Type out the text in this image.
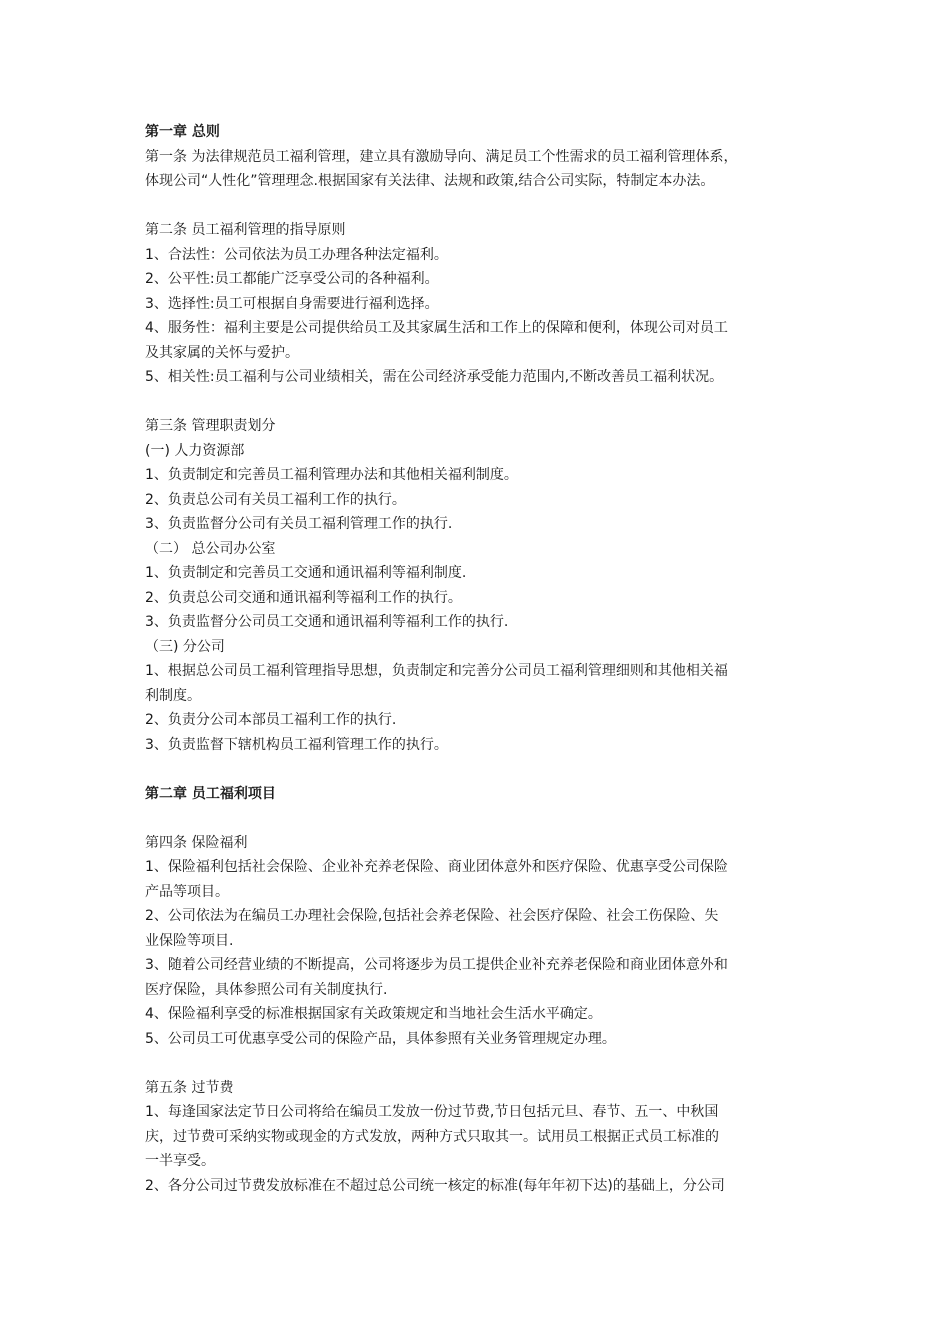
第一章 总则
第一条 为法律规范员工福利管理，建立具有激励导向、满足员工个性需求的员工福利管理体系，
体现公司“人性化”管理理念.根据国家有关法律、法规和政策,结合公司实际，特制定本办法。
第二条 员工福利管理的指导原则
1、合法性：公司依法为员工办理各种法定福利。
2、公平性:员工都能广泛享受公司的各种福利。
3、选择性:员工可根据自身需要进行福利选择。
4、服务性：福利主要是公司提供给员工及其家属生活和工作上的保障和便利，体现公司对员工
及其家属的关怀与爱护。
5、相关性:员工福利与公司业绩相关，需在公司经济承受能力范围内,不断改善员工福利状况。
第三条 管理职责划分
(一) 人力资源部
1、负责制定和完善员工福利管理办法和其他相关福利制度。
2、负责总公司有关员工福利工作的执行。
3、负责监督分公司有关员工福利管理工作的执行.
（二） 总公司办公室
1、负责制定和完善员工交通和通讯福利等福利制度.
2、负责总公司交通和通讯福利等福利工作的执行。
3、负责监督分公司员工交通和通讯福利等福利工作的执行.
（三) 分公司
1、根据总公司员工福利管理指导思想，负责制定和完善分公司员工福利管理细则和其他相关福
利制度。
2、负责分公司本部员工福利工作的执行.
3、负责监督下辖机构员工福利管理工作的执行。
第二章 员工福利项目
第四条 保险福利
1、保险福利包括社会保险、企业补充养老保险、商业团体意外和医疗保险、优惠享受公司保险
产品等项目。
2、公司依法为在编员工办理社会保险,包括社会养老保险、社会医疗保险、社会工伤保险、失
业保险等项目.
3、随着公司经营业绩的不断提高，公司将逐步为员工提供企业补充养老保险和商业团体意外和
医疗保险，具体参照公司有关制度执行.
4、保险福利享受的标准根据国家有关政策规定和当地社会生活水平确定。
5、公司员工可优惠享受公司的保险产品，具体参照有关业务管理规定办理。
第五条 过节费
1、每逢国家法定节日公司将给在编员工发放一份过节费,节日包括元旦、春节、五一、中秋国
庆，过节费可采纳实物或现金的方式发放，两种方式只取其一。试用员工根据正式员工标准的
一半享受。
2、各分公司过节费发放标准在不超过总公司统一核定的标准(每年年初下达)的基础上，分公司
